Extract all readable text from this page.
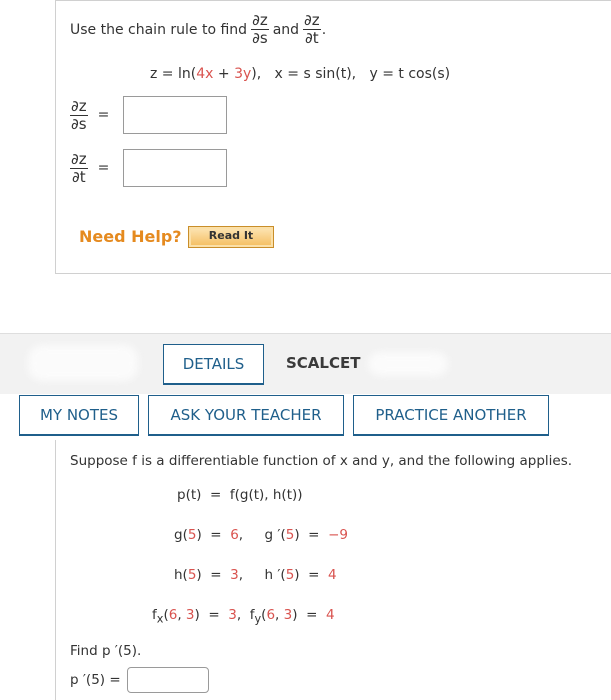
Use the chain rule to find $\frac{\partial z}{\partial s}$ and $\frac{\partial z}{\partial t}$ .
z = ln(4x + 3y),   x = s sin(t),   y = t cos(s)
$\frac{\partial z}{\partial s}$ =
$\frac{\partial z}{\partial t}$ =
Need Help?	Read It
DETAILS	SCALCET
MY NOTES	ASK YOUR TEACHER	PRACTICE ANOTHER
Suppose f is a differentiable function of x and y, and the following applies.
p(t)  =  f(g(t), h(t))
g(5)  =  6,     g ′(5)  =  −9
h(5)  =  3,     h ′(5)  =  4
$f_x(6$, 3)  =  3,  $f_y(6$, 3)  =  4
Find p ′(5).
p ′(5) =
